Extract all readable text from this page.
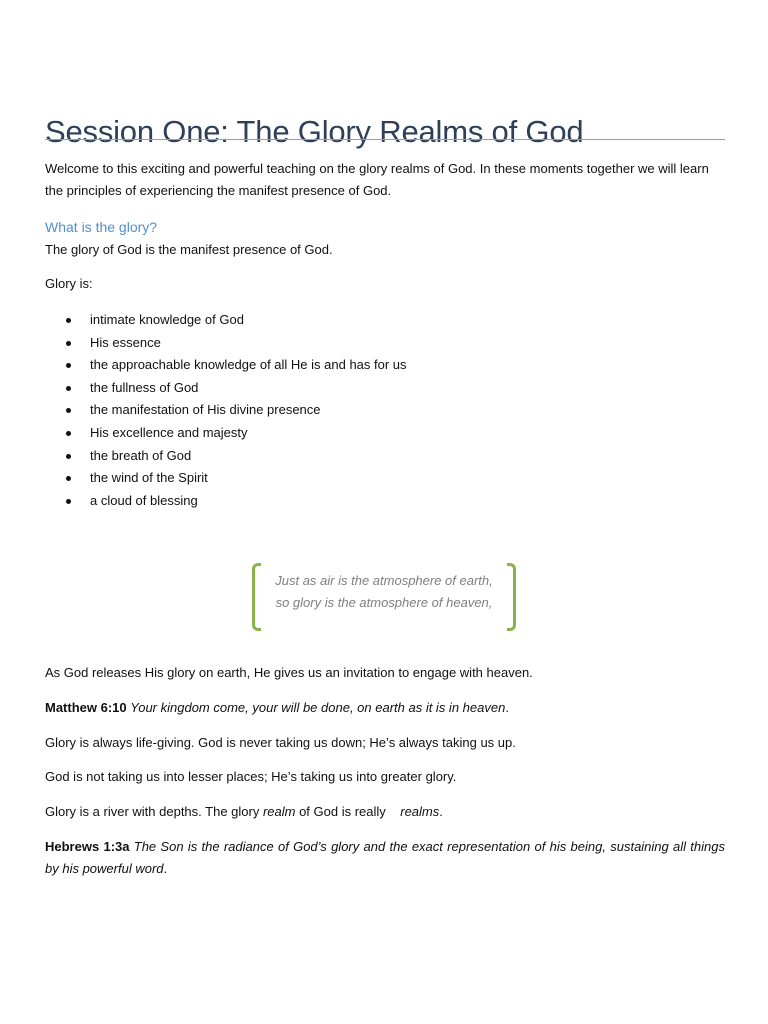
Session One: The Glory Realms of God

Welcome to this exciting and powerful teaching on the glory realms of God. In these moments together we will learn the principles of experiencing the manifest presence of God.

What is the glory?

The glory of God is the manifest presence of God.

Glory is:

intimate knowledge of God
His essence
the approachable knowledge of all He is and has for us
the fullness of God
the manifestation of His divine presence
His excellence and majesty
the breath of God
the wind of the Spirit
a cloud of blessing
Just as air is the atmosphere of earth,
so glory is the atmosphere of heaven,

As God releases His glory on earth, He gives us an invitation to engage with heaven.

Matthew 6:10 Your kingdom come, your will be done, on earth as it is in heaven.

Glory is always life-giving. God is never taking us down; He’s always taking us up.

God is not taking us into lesser places; He’s taking us into greater glory.

Glory is a river with depths. The glory realm of God is really realms.

Hebrews 1:3a The Son is the radiance of God’s glory and the exact representation of his being, sustaining all things by his powerful word.
